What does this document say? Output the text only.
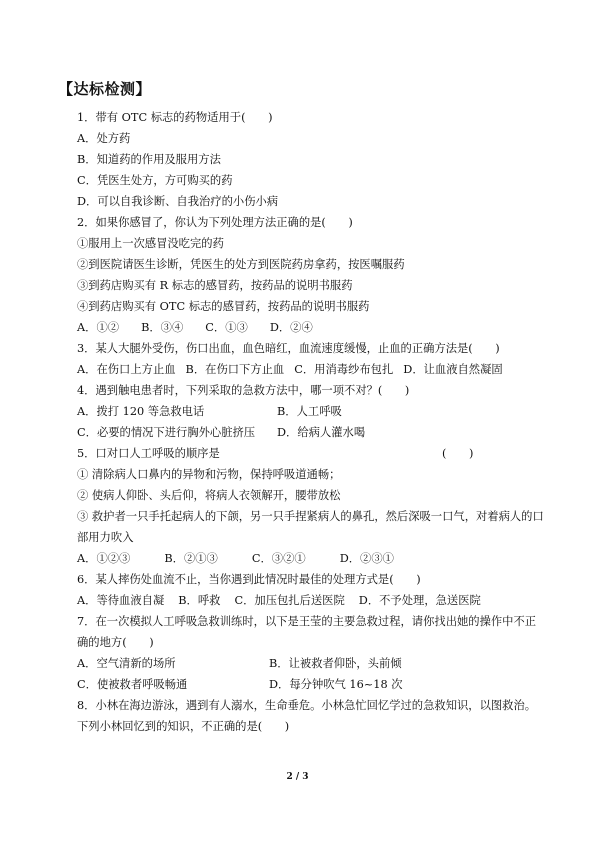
【达标检测】
1．带有 OTC 标志的药物适用于(　　)
A．处方药
B．知道药的作用及服用方法
C．凭医生处方，方可购买的药
D．可以自我诊断、自我治疗的小伤小病
2．如果你感冒了，你认为下列处理方法正确的是(　　)
①服用上一次感冒没吃完的药
②到医院请医生诊断，凭医生的处方到医院药房拿药，按医嘱服药
③到药店购买有 R 标志的感冒药，按药品的说明书服药
④到药店购买有 OTC 标志的感冒药，按药品的说明书服药
A．①② B．③④ C．①③ D．②④
3．某人大腿外受伤，伤口出血，血色暗红，血流速度缓慢，止血的正确方法是(　　)
A．在伤口上方止血 B．在伤口下方止血 C．用消毒纱布包扎 D．让血液自然凝固
4．遇到触电患者时，下列采取的急救方法中，哪一项不对？(　　)
A．拨打 120 等急救电话	B．人工呼吸
C．必要的情况下进行胸外心脏挤压	D．给病人灌水喝
5．口对口人工呼吸的顺序是	(　　)
① 清除病人口鼻内的异物和污物，保持呼吸道通畅；
② 使病人仰卧、头后仰，将病人衣领解开，腰带放松
③ 救护者一只手托起病人的下颌，另一只手捏紧病人的鼻孔，然后深吸一口气，对着病人的口部用力吹入
A．①②③	B．②①③	C．③②①	D．②③①
6．某人摔伤处血流不止，当你遇到此情况时最佳的处理方式是(　　)
A．等待血液自凝 B．呼救 C．加压包扎后送医院 D．不予处理，急送医院
7．在一次模拟人工呼吸急救训练时，以下是王莹的主要急救过程，请你找出她的操作中不正确的地方(　　)
A．空气清新的场所	B．让被救者仰卧，头前倾
C．使被救者呼吸畅通	D．每分钟吹气 16~18 次
8．小林在海边游泳，遇到有人溺水，生命垂危。小林急忙回忆学过的急救知识，以图救治。下列小林回忆到的知识，不正确的是(　　)
2 / 3
